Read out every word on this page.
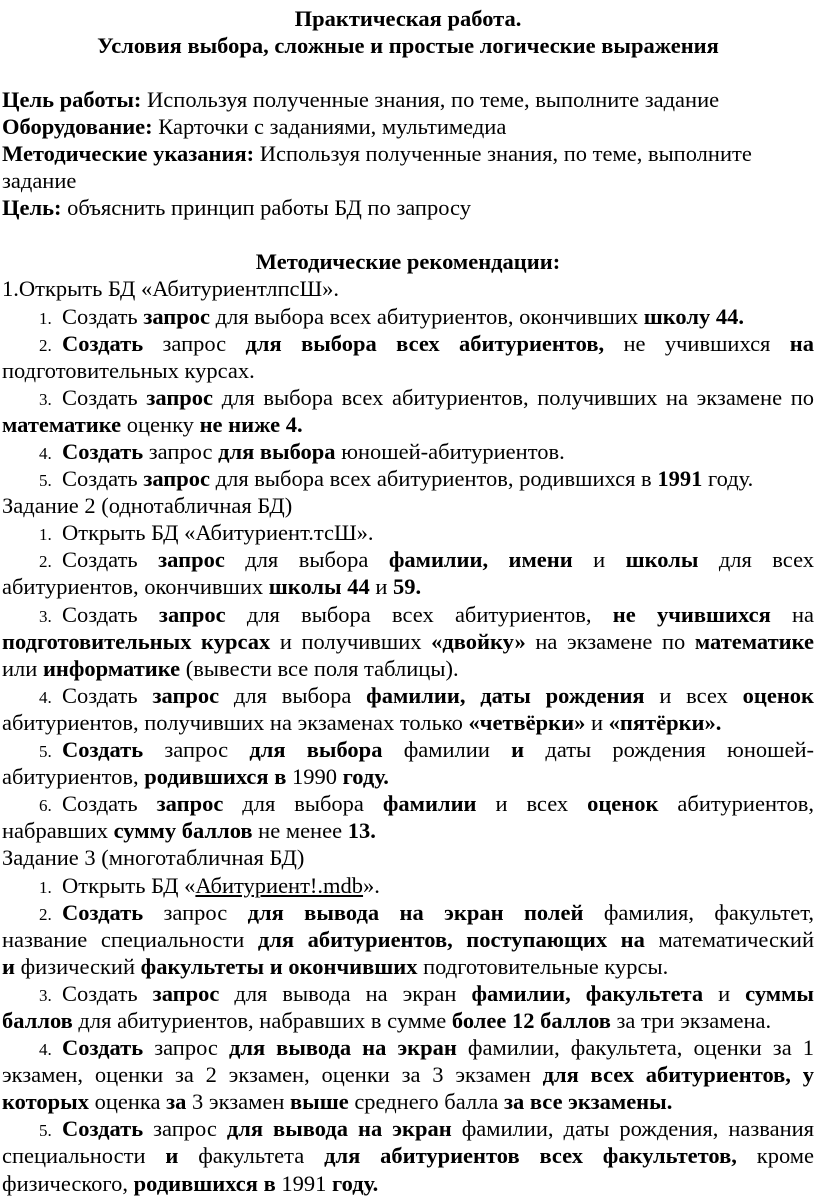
Практическая работа.
Условия выбора, сложные и простые логические выражения
Цель работы: Используя полученные знания, по теме, выполните задание
Оборудование: Карточки с заданиями, мультимедиа
Методические указания: Используя полученные знания, по теме, выполните
задание
Цель: объяснить принцип работы БД по запросу
Методические рекомендации:
1.Открыть БД «АбитуриентлпсШ».
1. Создать запрос для выбора всех абитуриентов, окончивших школу 44.
2. Создать запрос для выбора всех абитуриентов, не учившихся на
подготовительных курсах.
3. Создать запрос для выбора всех абитуриентов, получивших на экзамене по
математике оценку не ниже 4.
4. Создать запрос для выбора юношей-абитуриентов.
5. Создать запрос для выбора всех абитуриентов, родившихся в 1991 году.
Задание 2 (однотабличная БД)
1. Открыть БД «Абитуриент.тсШ».
2. Создать запрос для выбора фамилии, имени и школы для всех
абитуриентов, окончивших школы 44 и 59.
3. Создать запрос для выбора всех абитуриентов, не учившихся на
подготовительных курсах и получивших «двойку» на экзамене по математике
или информатике (вывести все поля таблицы).
4. Создать запрос для выбора фамилии, даты рождения и всех оценок
абитуриентов, получивших на экзаменах только «четвёрки» и «пятёрки».
5. Создать запрос для выбора фамилии и даты рождения юношей-
абитуриентов, родившихся в 1990 году.
6. Создать запрос для выбора фамилии и всех оценок абитуриентов,
набравших сумму баллов не менее 13.
Задание 3 (многотабличная БД)
1. Открыть БД «Абитуриент!.mdb».
2. Создать запрос для вывода на экран полей фамилия, факультет,
название специальности для абитуриентов, поступающих на математический
и физический факультеты и окончивших подготовительные курсы.
3. Создать запрос для вывода на экран фамилии, факультета и суммы
баллов для абитуриентов, набравших в сумме более 12 баллов за три экзамена.
4. Создать запрос для вывода на экран фамилии, факультета, оценки за 1
экзамен, оценки за 2 экзамен, оценки за 3 экзамен для всех абитуриентов, у
которых оценка за 3 экзамен выше среднего балла за все экзамены.
5. Создать запрос для вывода на экран фамилии, даты рождения, названия
специальности и факультета для абитуриентов всех факультетов, кроме
физического, родившихся в 1991 году.
